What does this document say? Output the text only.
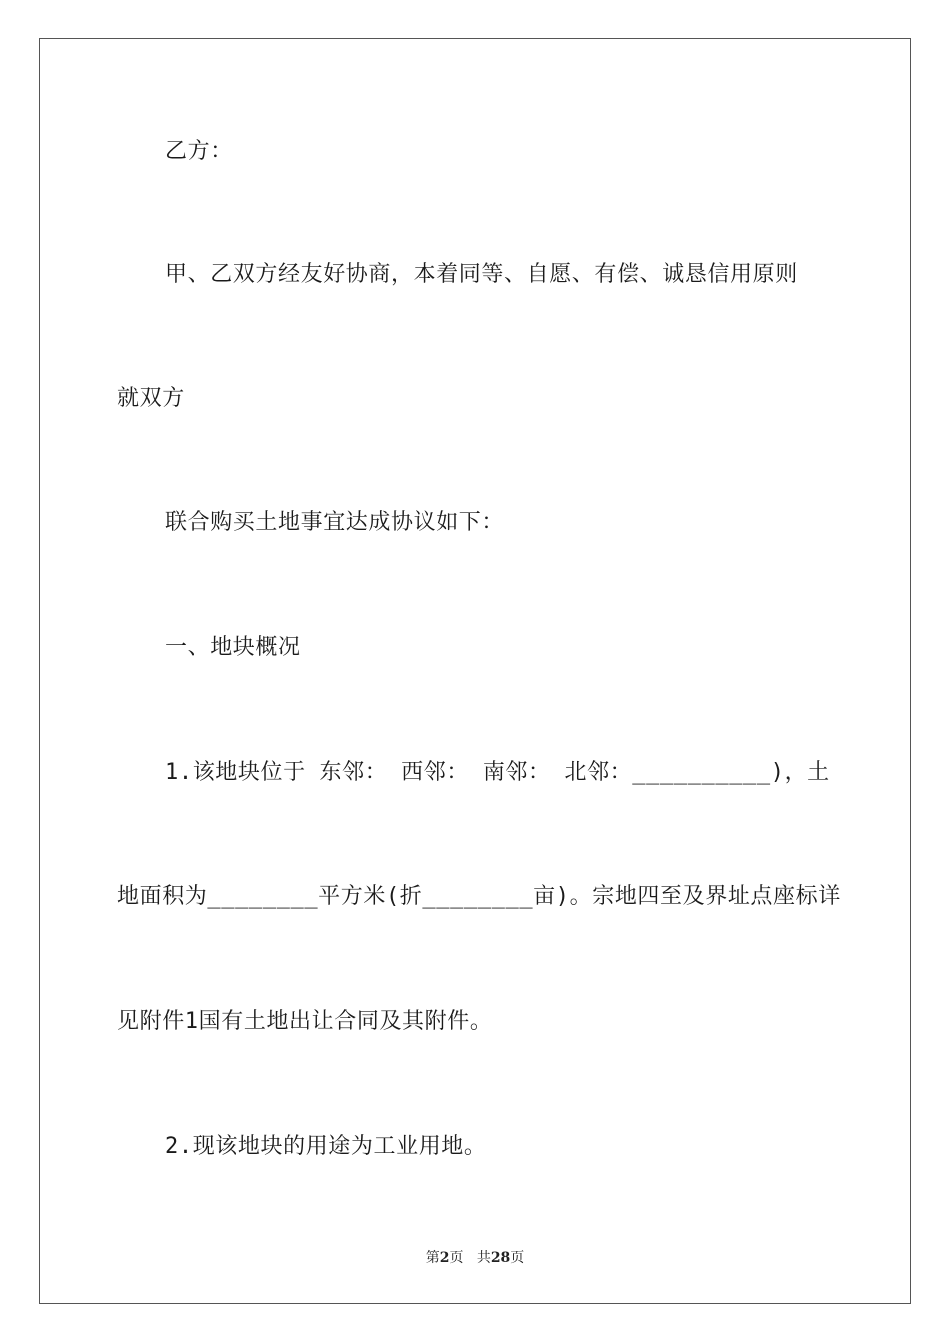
乙方：
甲、乙双方经友好协商，本着同等、自愿、有偿、诚恳信用原则
就双方
联合购买土地事宜达成协议如下：
一、地块概况
1.该地块位于 东邻： 西邻： 南邻： 北邻：__________)，土
地面积为________平方米(折________亩)。宗地四至及界址点座标详
见附件1国有土地出让合同及其附件。
2.现该地块的用途为工业用地。
第2页 共28页
